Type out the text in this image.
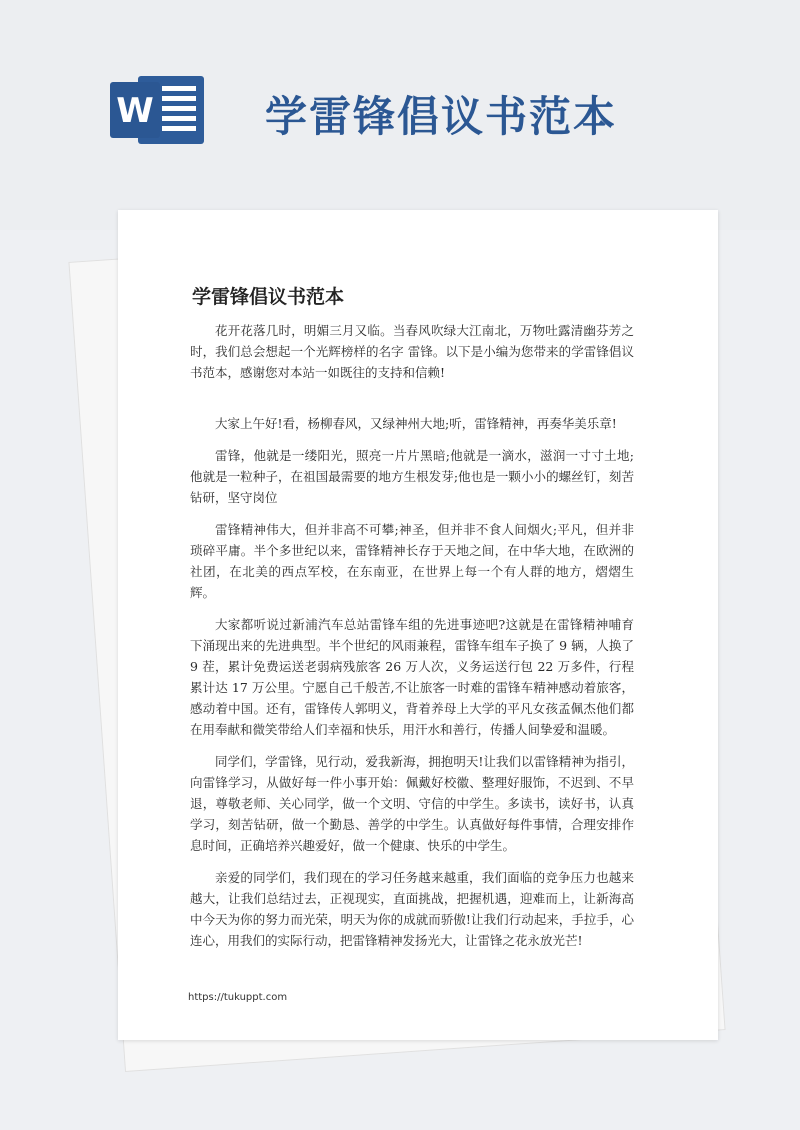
W	学雷锋倡议书范本
学雷锋倡议书范本

花开花落几时，明媚三月又临。当春风吹绿大江南北，万物吐露清幽芬芳之时，我们总会想起一个光辉榜样的名字 雷锋。以下是小编为您带来的学雷锋倡议书范本，感谢您对本站一如既往的支持和信赖!

大家上午好!看，杨柳春风，又绿神州大地;听，雷锋精神，再奏华美乐章!

雷锋，他就是一缕阳光，照亮一片片黑暗;他就是一滴水，滋润一寸寸土地;他就是一粒种子，在祖国最需要的地方生根发芽;他也是一颗小小的螺丝钉，刻苦钻研，坚守岗位

雷锋精神伟大，但并非高不可攀;神圣，但并非不食人间烟火;平凡，但并非琐碎平庸。半个多世纪以来，雷锋精神长存于天地之间，在中华大地，在欧洲的社团，在北美的西点军校，在东南亚，在世界上每一个有人群的地方，熠熠生辉。

大家都听说过新浦汽车总站雷锋车组的先进事迹吧?这就是在雷锋精神哺育下涌现出来的先进典型。半个世纪的风雨兼程，雷锋车组车子换了 9 辆，人换了 9 茬，累计免费运送老弱病残旅客 26 万人次，义务运送行包 22 万多件，行程累计达 17 万公里。宁愿自己千般苦,不让旅客一时难的雷锋车精神感动着旅客，感动着中国。还有，雷锋传人郭明义，背着养母上大学的平凡女孩孟佩杰他们都在用奉献和微笑带给人们幸福和快乐，用汗水和善行，传播人间挚爱和温暖。

同学们，学雷锋，见行动，爱我新海，拥抱明天!让我们以雷锋精神为指引，向雷锋学习，从做好每一件小事开始：佩戴好校徽、整理好服饰，不迟到、不早退，尊敬老师、关心同学，做一个文明、守信的中学生。多读书，读好书，认真学习，刻苦钻研，做一个勤恳、善学的中学生。认真做好每件事情，合理安排作息时间，正确培养兴趣爱好，做一个健康、快乐的中学生。

亲爱的同学们，我们现在的学习任务越来越重，我们面临的竞争压力也越来越大，让我们总结过去，正视现实，直面挑战，把握机遇，迎难而上，让新海高中今天为你的努力而光荣，明天为你的成就而骄傲!让我们行动起来，手拉手，心连心，用我们的实际行动，把雷锋精神发扬光大，让雷锋之花永放光芒!

https://tukuppt.com
